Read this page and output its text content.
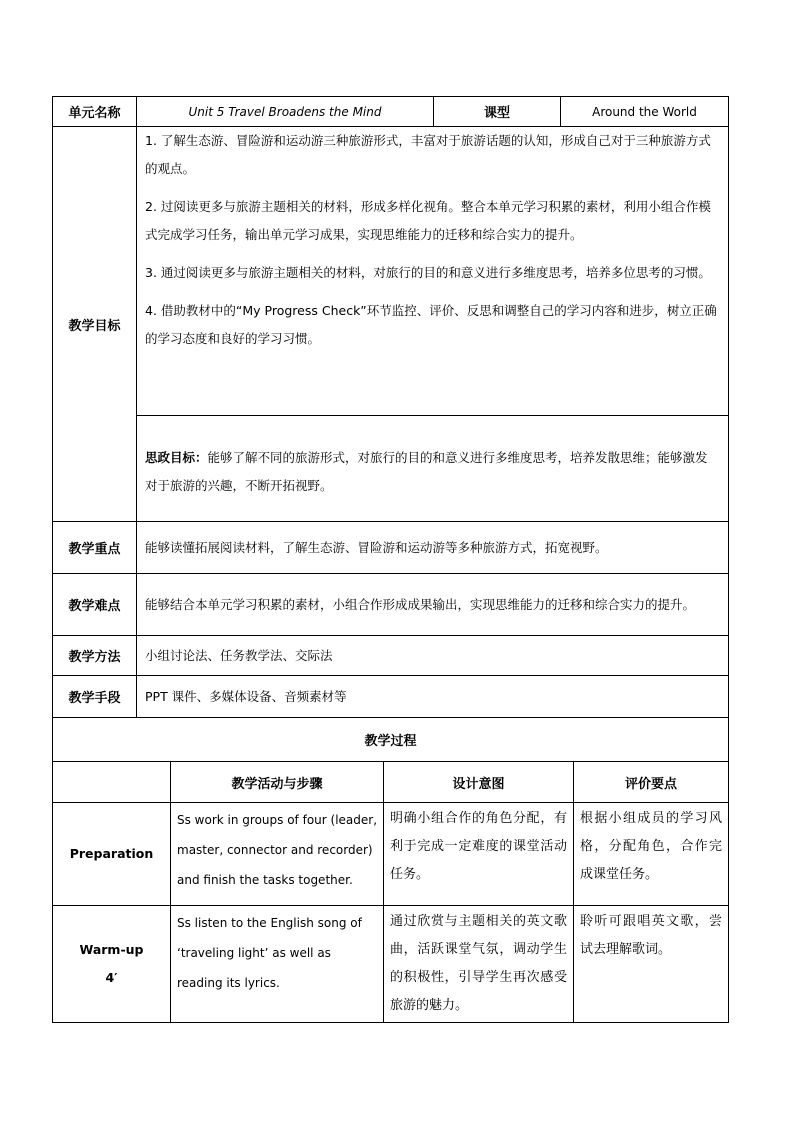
单元名称	Unit 5 Travel Broadens the Mind	课型	Around the World
教学目标	1. 了解生态游、冒险游和运动游三种旅游形式，丰富对于旅游话题的认知，形成自己对于三种旅游方式的观点。

2. 过阅读更多与旅游主题相关的材料，形成多样化视角。整合本单元学习积累的素材，利用小组合作模式完成学习任务，输出单元学习成果，实现思维能力的迁移和综合实力的提升。

3. 通过阅读更多与旅游主题相关的材料，对旅行的目的和意义进行多维度思考，培养多位思考的习惯。

4. 借助教材中的“My Progress Check”环节监控、评价、反思和调整自己的学习内容和进步，树立正确的学习态度和良好的学习习惯。		

	思政目标：能够了解不同的旅游形式，对旅行的目的和意义进行多维度思考，培养发散思维；能够激发对于旅游的兴趣，不断开拓视野。		
教学重点	能够读懂拓展阅读材料，了解生态游、冒险游和运动游等多种旅游方式，拓宽视野。		
教学难点	能够结合本单元学习积累的素材，小组合作形成成果输出，实现思维能力的迁移和综合实力的提升。		
教学方法	小组讨论法、任务教学法、交际法		
教学手段	PPT 课件、多媒体设备、音频素材等		
教学过程			
	教学活动与步骤	设计意图	评价要点

Preparation	Ss work in groups of four (leader, master, connector and recorder) and finish the tasks together.	明确小组合作的角色分配，有利于完成一定难度的课堂活动任务。	根据小组成员的学习风格，分配角色，合作完成课堂任务。

Warm-up
4′	Ss listen to the English song of ‘traveling light’ as well as reading its lyrics.	通过欣赏与主题相关的英文歌曲，活跃课堂气氛，调动学生的积极性，引导学生再次感受旅游的魅力。	聆听可跟唱英文歌，尝试去理解歌词。
